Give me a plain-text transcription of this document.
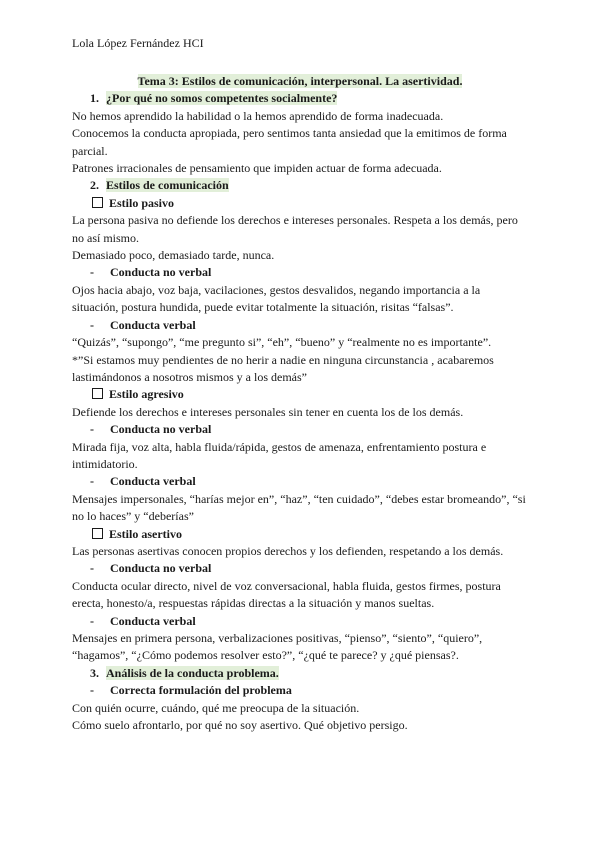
Lola López Fernández HCI

Tema 3: Estilos de comunicación, interpersonal. La asertividad.

1. ¿Por qué no somos competentes socialmente?

No hemos aprendido la habilidad o la hemos aprendido de forma inadecuada.

Conocemos la conducta apropiada, pero sentimos tanta ansiedad que la emitimos de forma parcial.

Patrones irracionales de pensamiento que impiden actuar de forma adecuada.

2. Estilos de comunicación

Estilo pasivo

La persona pasiva no defiende los derechos e intereses personales. Respeta a los demás, pero no así mismo.

Demasiado poco, demasiado tarde, nunca.

- Conducta no verbal

Ojos hacia abajo, voz baja, vacilaciones, gestos desvalidos, negando importancia a la situación, postura hundida, puede evitar totalmente la situación, risitas “falsas”.

- Conducta verbal

“Quizás”, “supongo”, “me pregunto si”, “eh”, “bueno” y “realmente no es importante”.

*”Si estamos muy pendientes de no herir a nadie en ninguna circunstancia , acabaremos lastimándonos a nosotros mismos y a los demás”

Estilo agresivo

Defiende los derechos e intereses personales sin tener en cuenta los de los demás.

- Conducta no verbal

Mirada fija, voz alta, habla fluida/rápida, gestos de amenaza, enfrentamiento postura e intimidatorio.

- Conducta verbal

Mensajes impersonales, “harías mejor en”, “haz”, “ten cuidado”, “debes estar bromeando”, “si no lo haces” y “deberías”

Estilo asertivo

Las personas asertivas conocen propios derechos y los defienden, respetando a los demás.

- Conducta no verbal

Conducta ocular directo, nivel de voz conversacional, habla fluida, gestos firmes, postura erecta, honesto/a, respuestas rápidas directas a la situación y manos sueltas.

- Conducta verbal

Mensajes en primera persona, verbalizaciones positivas, “pienso”, “siento”, “quiero”, “hagamos”, “¿Cómo podemos resolver esto?”, “¿qué te parece? y ¿qué piensas?.

3. Análisis de la conducta problema.

- Correcta formulación del problema

Con quién ocurre, cuándo, qué me preocupa de la situación.

Cómo suelo afrontarlo, por qué no soy asertivo. Qué objetivo persigo.
